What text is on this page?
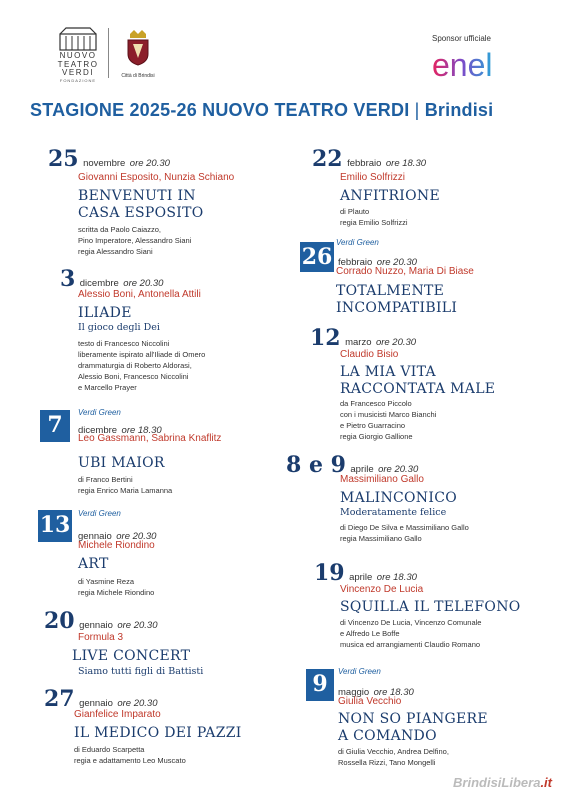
NUOVO
TEATRO
VERDI
FONDAZIONE
Città di Brindisi
Sponsor ufficiale
enel
STAGIONE 2025-26 NUOVO TEATRO VERDI | Brindisi
25 novembre ore 20.30
Giovanni Esposito, Nunzia Schiano
BENVENUTI IN
CASA ESPOSITO
scritta da Paolo Caiazzo,
Pino Imperatore, Alessandro Siani
regia Alessandro Siani
3 dicembre ore 20.30
Alessio Boni, Antonella Attili
ILIADE
Il gioco degli Dei
testo di Francesco Niccolini
liberamente ispirato all'Iliade di Omero
drammaturgia di Roberto Aldorasi,
Alessio Boni, Francesco Niccolini
e Marcello Prayer
Verdi Green
7	dicembre ore 18.30
Leo Gassmann, Sabrina Knaflitz
UBI MAIOR
di Franco Bertini
regia Enrico Maria Lamanna
Verdi Green
13 gennaio ore 20.30
Michele Riondino
ART
di Yasmine Reza
regia Michele Riondino
20 gennaio ore 20.30
Formula 3
LIVE CONCERT
Siamo tutti figli di Battisti
27 gennaio ore 20.30
Gianfelice Imparato
IL MEDICO DEI PAZZI
di Eduardo Scarpetta
regia e adattamento Leo Muscato
22 febbraio ore 18.30
Emilio Solfrizzi
ANFITRIONE
di Plauto
regia Emilio Solfrizzi
Verdi Green
26 febbraio ore 20.30
Corrado Nuzzo, Maria Di Biase
TOTALMENTE
INCOMPATIBILI
12 marzo ore 20.30
Claudio Bisio
LA MIA VITA
RACCONTATA MALE
da Francesco Piccolo
con i musicisti Marco Bianchi
e Pietro Guarracino
regia Giorgio Gallione
8 e 9 aprile ore 20.30
Massimiliano Gallo
MALINCONICO
Moderatamente felice
di Diego De Silva e Massimiliano Gallo
regia Massimiliano Gallo
19 aprile ore 18.30
Vincenzo De Lucia
SQUILLA IL TELEFONO
di Vincenzo De Lucia, Vincenzo Comunale
e Alfredo Le Boffe
musica ed arrangiamenti Claudio Romano
Verdi Green
9	maggio ore 18.30
Giulia Vecchio
NON SO PIANGERE
A COMANDO
di Giulia Vecchio, Andrea Delfino,
Rossella Rizzi, Tano Mongelli
BrindisiLibera.it
